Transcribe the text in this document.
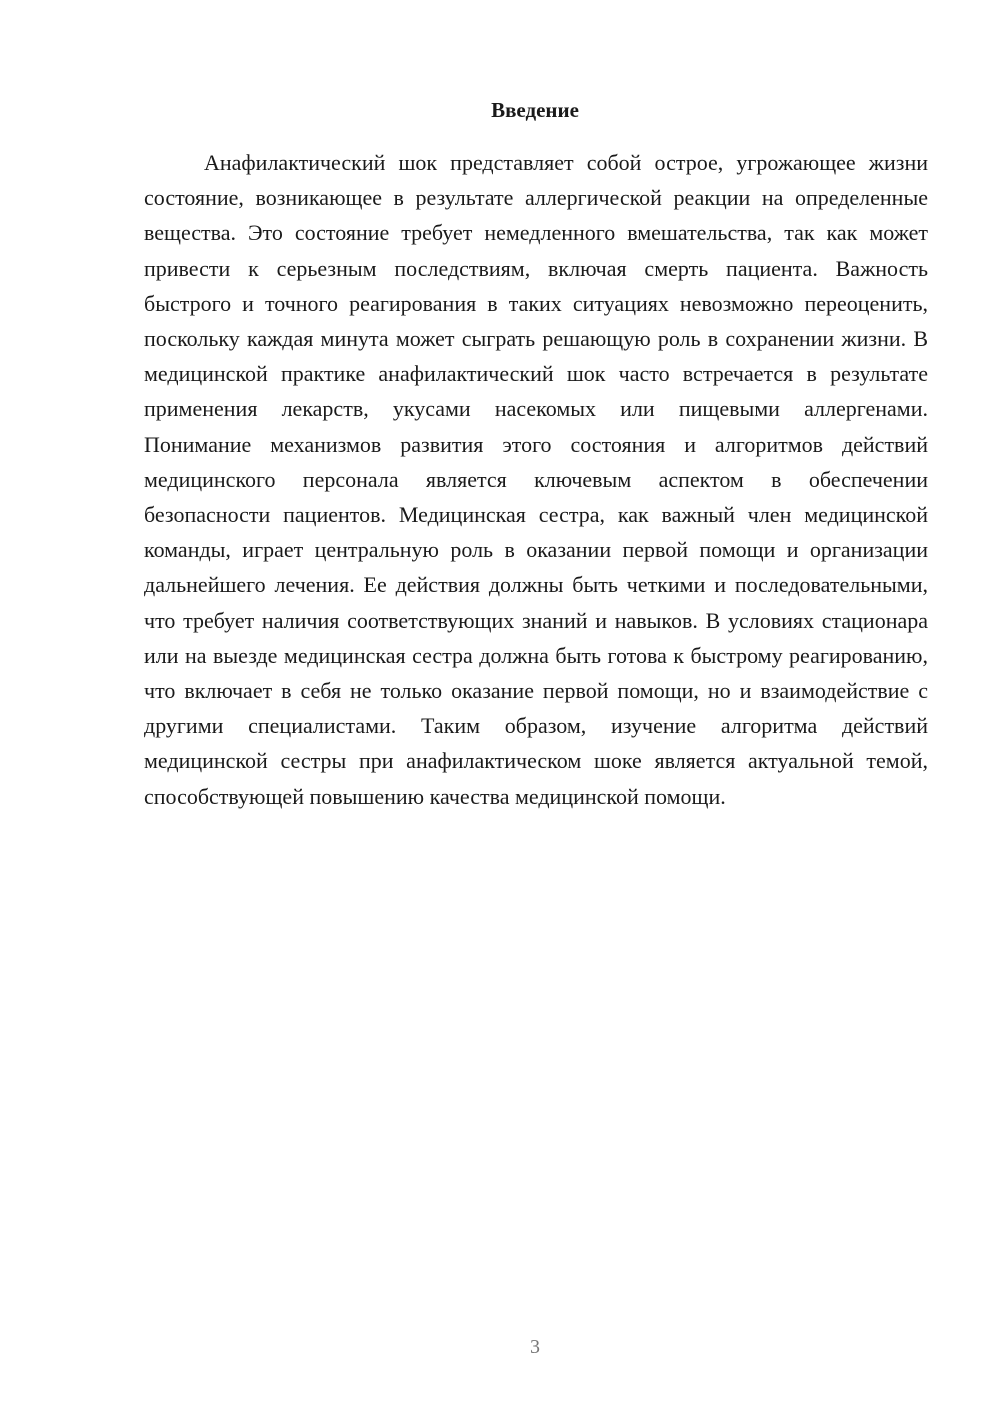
Введение

Анафилактический шок представляет собой острое, угрожающее жизни состояние, возникающее в результате аллергической реакции на определенные вещества. Это состояние требует немедленного вмешательства, так как может привести к серьезным последствиям, включая смерть пациента. Важность быстрого и точного реагирования в таких ситуациях невозможно переоценить, поскольку каждая минута может сыграть решающую роль в сохранении жизни. В медицинской практике анафилактический шок часто встречается в результате применения лекарств, укусами насекомых или пищевыми аллергенами. Понимание механизмов развития этого состояния и алгоритмов действий медицинского персонала является ключевым аспектом в обеспечении безопасности пациентов. Медицинская сестра, как важный член медицинской команды, играет центральную роль в оказании первой помощи и организации дальнейшего лечения. Ее действия должны быть четкими и последовательными, что требует наличия соответствующих знаний и навыков. В условиях стационара или на выезде медицинская сестра должна быть готова к быстрому реагированию, что включает в себя не только оказание первой помощи, но и взаимодействие с другими специалистами. Таким образом, изучение алгоритма действий медицинской сестры при анафилактическом шоке является актуальной темой, способствующей повышению качества медицинской помощи.

3
